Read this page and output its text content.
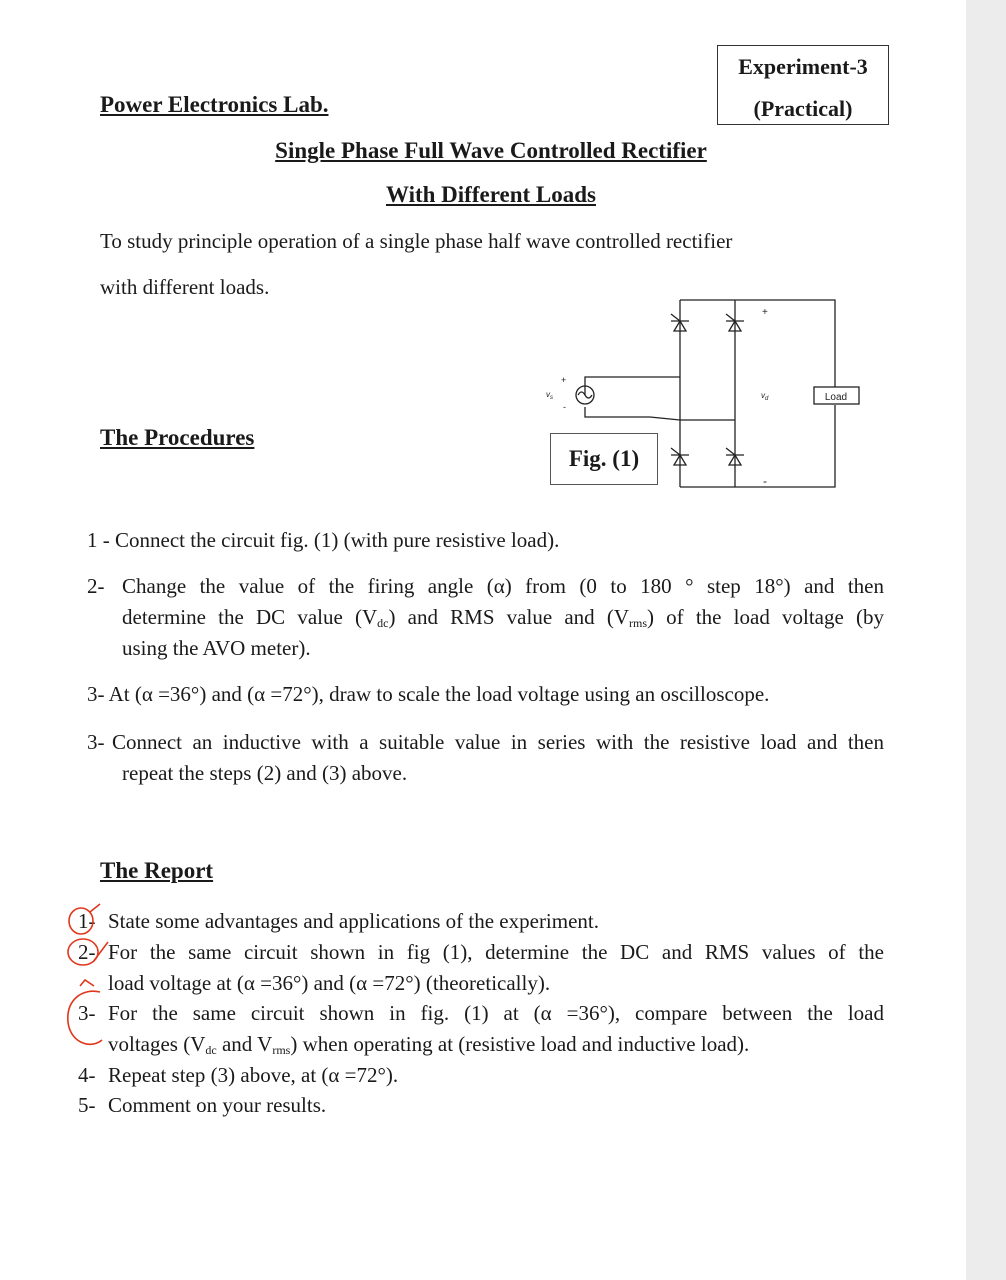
Power Electronics Lab.
Experiment-3
(Practical)
Single Phase Full Wave Controlled Rectifier
With Different Loads
To study principle operation of a single phase half wave controlled rectifier
with different loads.
Load
$v_s$
+
-
+
-
$v_d$
The Procedures
Fig. (1)
1 - Connect the circuit fig. (1) (with pure resistive load).
2- Change the value of the firing angle (α) from (0 to 180 ° step 18°) and then
determine the DC value $(V_{dc})$ and RMS value and $(V_{rms})$ of the load voltage (by
using the AVO meter).
3- At (α =36°) and (α =72°), draw to scale the load voltage using an oscilloscope.
3- Connect an inductive with a suitable value in series with the resistive load and then
repeat the steps (2) and (3) above.
The Report
1- State some advantages and applications of the experiment.
2- For the same circuit shown in fig (1), determine the DC and RMS values of the
load voltage at (α =36°) and (α =72°) (theoretically).
3- For the same circuit shown in fig. (1) at (α =36°), compare between the load
voltages ($V_{dc}$ and $V_{rms}$) when operating at (resistive load and inductive load).
4- Repeat step (3) above, at (α =72°).
5- Comment on your results.
